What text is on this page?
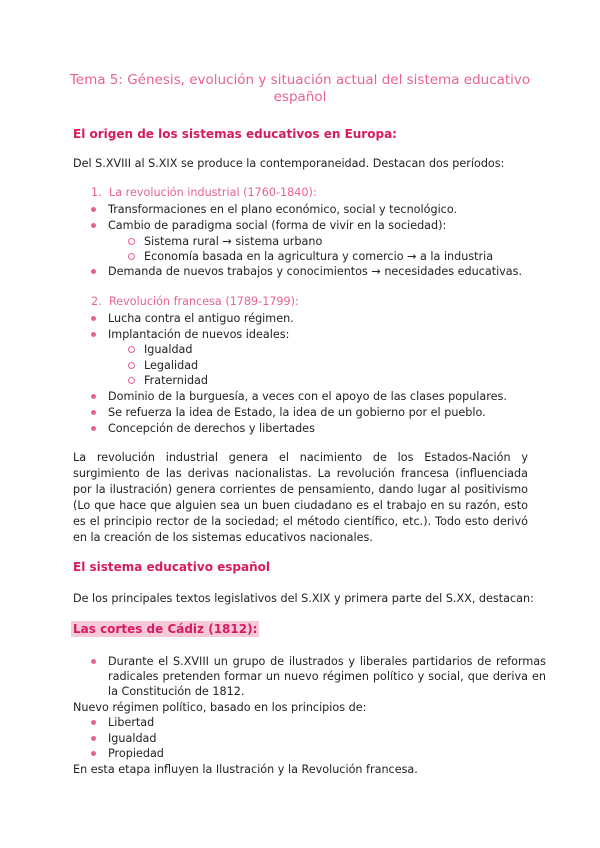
Tema 5: Génesis, evolución y situación actual del sistema educativo español
El origen de los sistemas educativos en Europa:
Del S.XVIII al S.XIX se produce la contemporaneidad. Destacan dos períodos:
1. La revolución industrial (1760-1840):
Transformaciones en el plano económico, social y tecnológico.
Cambio de paradigma social (forma de vivir en la sociedad):
Sistema rural → sistema urbano
Economía basada en la agricultura y comercio → a la industria
Demanda de nuevos trabajos y conocimientos → necesidades educativas.
2. Revolución francesa (1789-1799):
Lucha contra el antiguo régimen.
Implantación de nuevos ideales:
Igualdad
Legalidad
Fraternidad
Dominio de la burguesía, a veces con el apoyo de las clases populares.
Se refuerza la idea de Estado, la idea de un gobierno por el pueblo.
Concepción de derechos y libertades
La revolución industrial genera el nacimiento de los Estados-Nación y surgimiento de las derivas nacionalistas. La revolución francesa (influenciada por la ilustración) genera corrientes de pensamiento, dando lugar al positivismo (Lo que hace que alguien sea un buen ciudadano es el trabajo en su razón, esto es el principio rector de la sociedad; el método científico, etc.). Todo esto derivó en la creación de los sistemas educativos nacionales.
El sistema educativo español
De los principales textos legislativos del S.XIX y primera parte del S.XX, destacan:
Las cortes de Cádiz (1812):
Durante el S.XVIII un grupo de ilustrados y liberales partidarios de reformas radicales pretenden formar un nuevo régimen político y social, que deriva en la Constitución de 1812.
Nuevo régimen político, basado en los principios de:
Libertad
Igualdad
Propiedad
En esta etapa influyen la Ilustración y la Revolución francesa.
